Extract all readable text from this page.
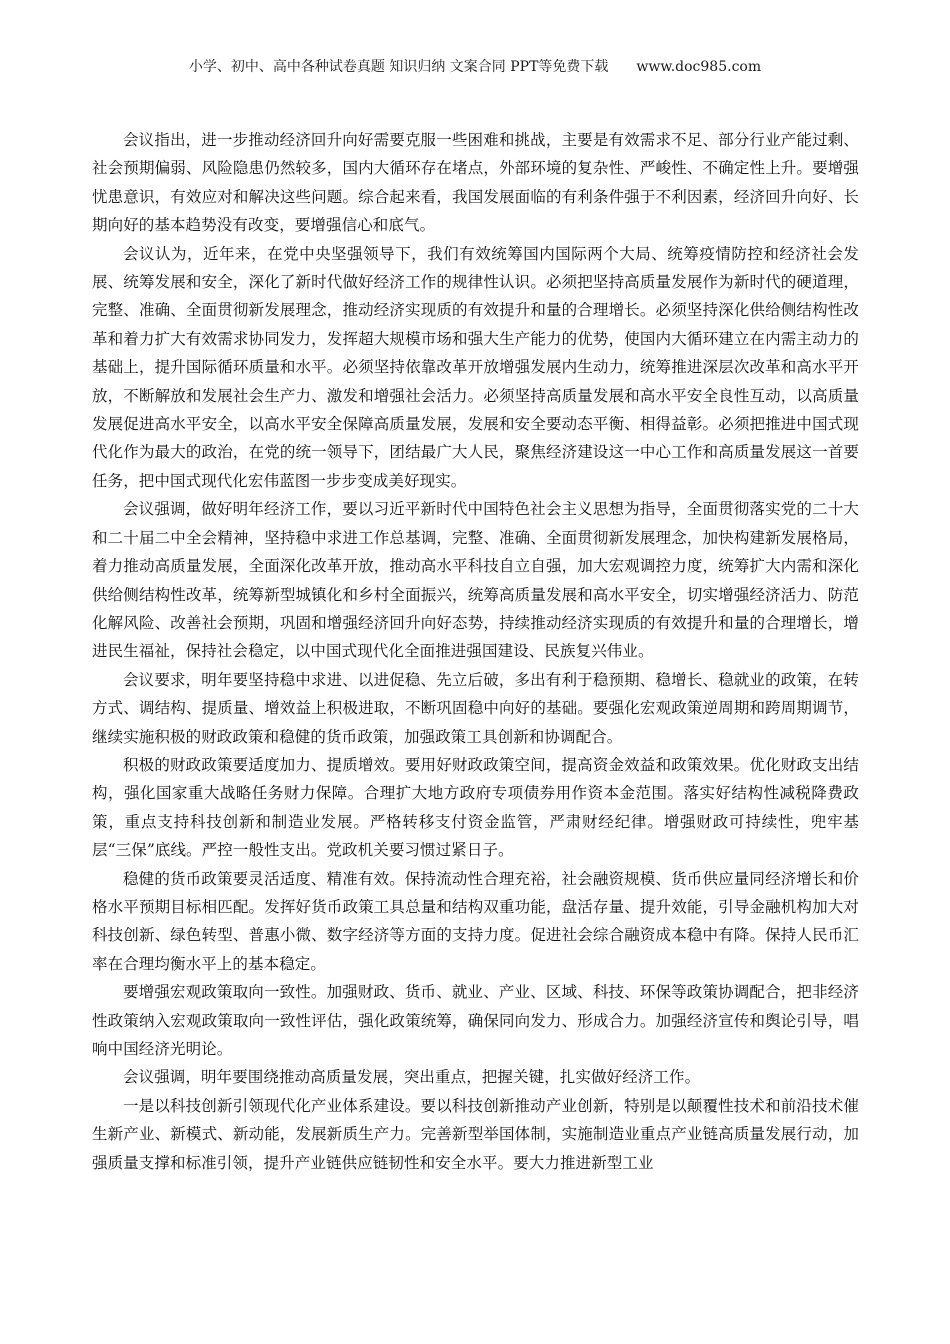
小学、初中、高中各种试卷真题 知识归纳 文案合同 PPT等免费下载 www.doc985.com

会议指出，进一步推动经济回升向好需要克服一些困难和挑战，主要是有效需求不足、部分行业产能过剩、社会预期偏弱、风险隐患仍然较多，国内大循环存在堵点，外部环境的复杂性、严峻性、不确定性上升。要增强忧患意识，有效应对和解决这些问题。综合起来看，我国发展面临的有利条件强于不利因素，经济回升向好、长期向好的基本趋势没有改变，要增强信心和底气。

会议认为，近年来，在党中央坚强领导下，我们有效统筹国内国际两个大局、统筹疫情防控和经济社会发展、统筹发展和安全，深化了新时代做好经济工作的规律性认识。必须把坚持高质量发展作为新时代的硬道理，完整、准确、全面贯彻新发展理念，推动经济实现质的有效提升和量的合理增长。必须坚持深化供给侧结构性改革和着力扩大有效需求协同发力，发挥超大规模市场和强大生产能力的优势，使国内大循环建立在内需主动力的基础上，提升国际循环质量和水平。必须坚持依靠改革开放增强发展内生动力，统筹推进深层次改革和高水平开放，不断解放和发展社会生产力、激发和增强社会活力。必须坚持高质量发展和高水平安全良性互动，以高质量发展促进高水平安全，以高水平安全保障高质量发展，发展和安全要动态平衡、相得益彰。必须把推进中国式现代化作为最大的政治，在党的统一领导下，团结最广大人民，聚焦经济建设这一中心工作和高质量发展这一首要任务，把中国式现代化宏伟蓝图一步步变成美好现实。

会议强调，做好明年经济工作，要以习近平新时代中国特色社会主义思想为指导，全面贯彻落实党的二十大和二十届二中全会精神，坚持稳中求进工作总基调，完整、准确、全面贯彻新发展理念，加快构建新发展格局，着力推动高质量发展，全面深化改革开放，推动高水平科技自立自强，加大宏观调控力度，统筹扩大内需和深化供给侧结构性改革，统筹新型城镇化和乡村全面振兴，统筹高质量发展和高水平安全，切实增强经济活力、防范化解风险、改善社会预期，巩固和增强经济回升向好态势，持续推动经济实现质的有效提升和量的合理增长，增进民生福祉，保持社会稳定，以中国式现代化全面推进强国建设、民族复兴伟业。

会议要求，明年要坚持稳中求进、以进促稳、先立后破，多出有利于稳预期、稳增长、稳就业的政策，在转方式、调结构、提质量、增效益上积极进取，不断巩固稳中向好的基础。要强化宏观政策逆周期和跨周期调节，继续实施积极的财政政策和稳健的货币政策，加强政策工具创新和协调配合。

积极的财政政策要适度加力、提质增效。要用好财政政策空间，提高资金效益和政策效果。优化财政支出结构，强化国家重大战略任务财力保障。合理扩大地方政府专项债券用作资本金范围。落实好结构性减税降费政策，重点支持科技创新和制造业发展。严格转移支付资金监管，严肃财经纪律。增强财政可持续性，兜牢基层“三保”底线。严控一般性支出。党政机关要习惯过紧日子。

稳健的货币政策要灵活适度、精准有效。保持流动性合理充裕，社会融资规模、货币供应量同经济增长和价格水平预期目标相匹配。发挥好货币政策工具总量和结构双重功能，盘活存量、提升效能，引导金融机构加大对科技创新、绿色转型、普惠小微、数字经济等方面的支持力度。促进社会综合融资成本稳中有降。保持人民币汇率在合理均衡水平上的基本稳定。

要增强宏观政策取向一致性。加强财政、货币、就业、产业、区域、科技、环保等政策协调配合，把非经济性政策纳入宏观政策取向一致性评估，强化政策统筹，确保同向发力、形成合力。加强经济宣传和舆论引导，唱响中国经济光明论。

会议强调，明年要围绕推动高质量发展，突出重点，把握关键，扎实做好经济工作。

一是以科技创新引领现代化产业体系建设。要以科技创新推动产业创新，特别是以颠覆性技术和前沿技术催生新产业、新模式、新动能，发展新质生产力。完善新型举国体制，实施制造业重点产业链高质量发展行动，加强质量支撑和标准引领，提升产业链供应链韧性和安全水平。要大力推进新型工业
